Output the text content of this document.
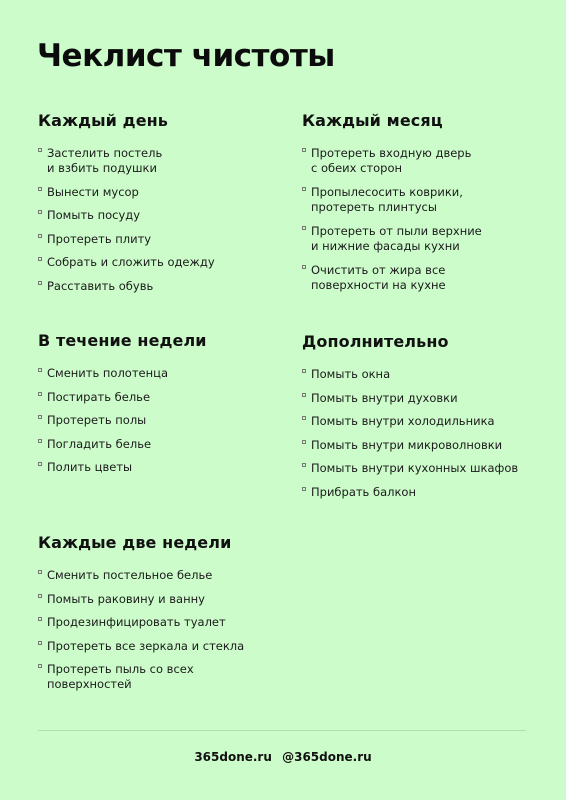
Чеклист чистоты
Каждый день
Застелить постель
и взбить подушки
Вынести мусор
Помыть посуду
Протереть плиту
Собрать и сложить одежду
Расставить обувь
Каждый месяц
Протереть входную дверь
с обеих сторон
Пропылесосить коврики,
протереть плинтусы
Протереть от пыли верхние
и нижние фасады кухни
Очистить от жира все
поверхности на кухне
В течение недели
Сменить полотенца
Постирать белье
Протереть полы
Погладить белье
Полить цветы
Дополнительно
Помыть окна
Помыть внутри духовки
Помыть внутри холодильника
Помыть внутри микроволновки
Помыть внутри кухонных шкафов
Прибрать балкон
Каждые две недели
Сменить постельное белье
Помыть раковину и ванну
Продезинфицировать туалет
Протереть все зеркала и стекла
Протереть пыль со всех
поверхностей
365done.ru @365done.ru
